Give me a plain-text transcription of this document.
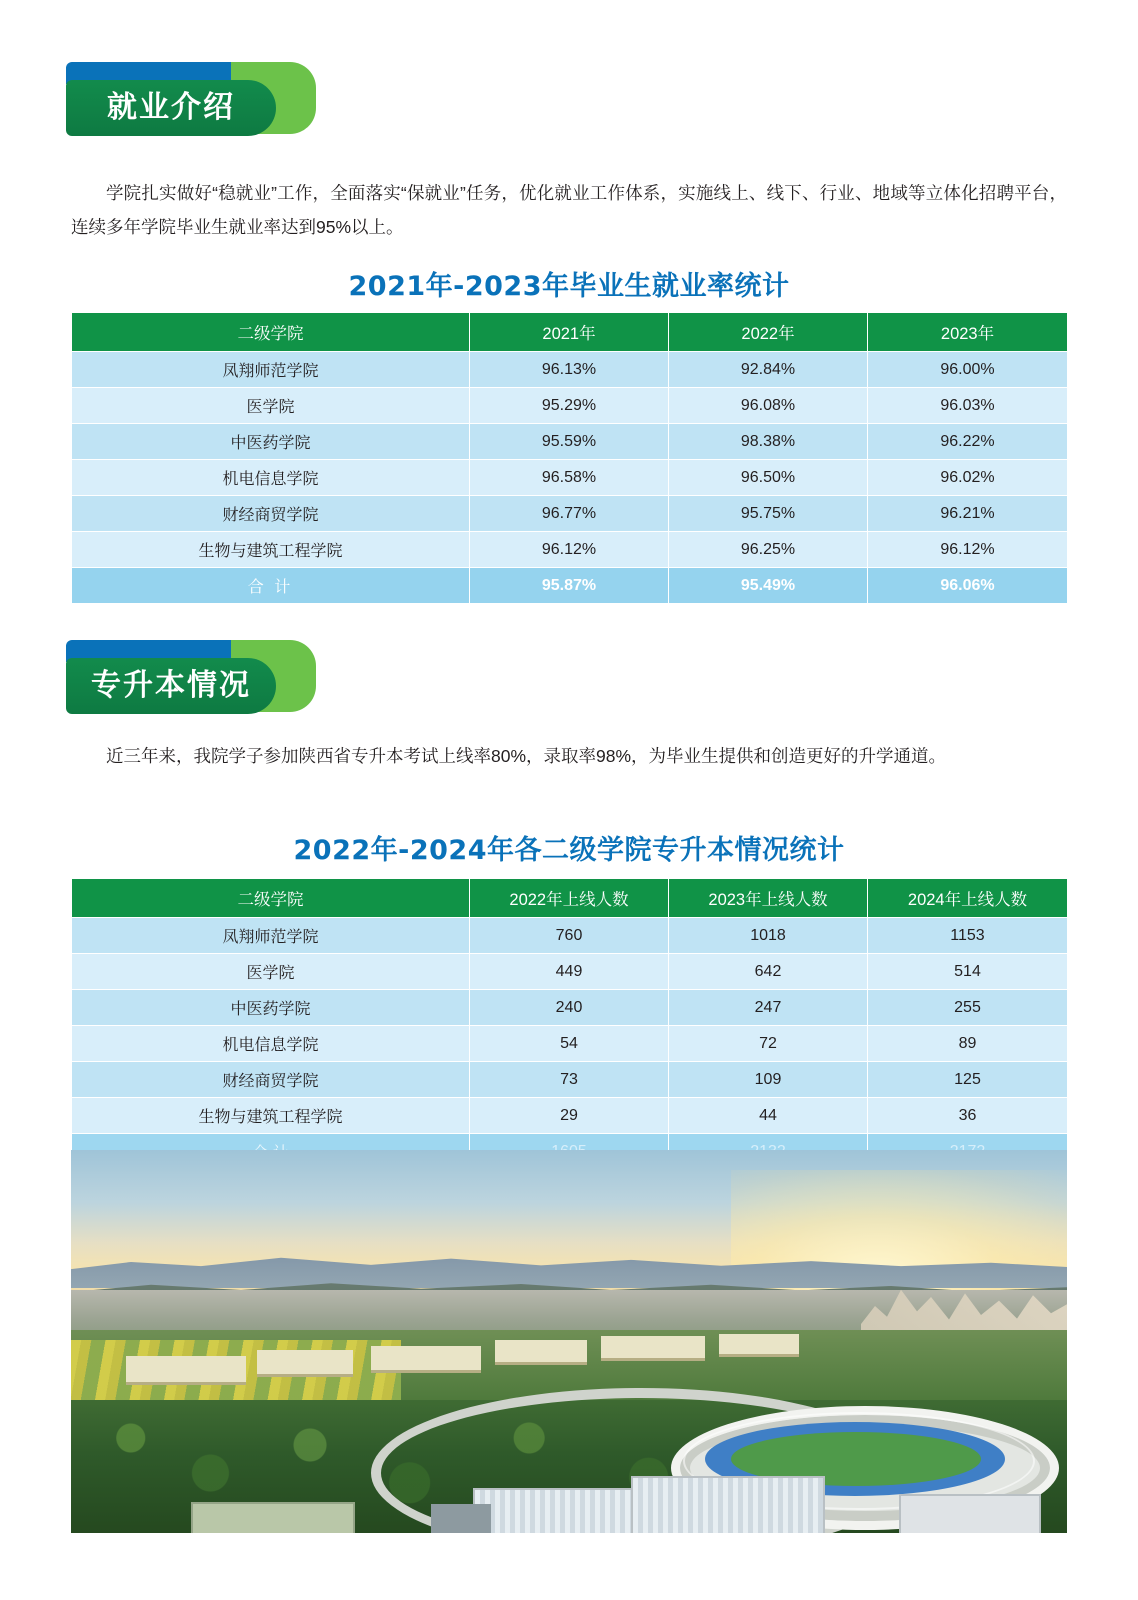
就业介绍
学院扎实做好“稳就业”工作，全面落实“保就业”任务，优化就业工作体系，实施线上、线下、行业、地域等立体化招聘平台，连续多年学院毕业生就业率达到95%以上。
2021年-2023年毕业生就业率统计
二级学院	2021年	2022年	2023年
凤翔师范学院	96.13%	92.84%	96.00%
医学院	95.29%	96.08%	96.03%
中医药学院	95.59%	98.38%	96.22%
机电信息学院	96.58%	96.50%	96.02%
财经商贸学院	96.77%	95.75%	96.21%
生物与建筑工程学院	96.12%	96.25%	96.12%
合 计	95.87%	95.49%	96.06%
专升本情况
近三年来，我院学子参加陕西省专升本考试上线率80%，录取率98%，为毕业生提供和创造更好的升学通道。
2022年-2024年各二级学院专升本情况统计
二级学院	2022年上线人数	2023年上线人数	2024年上线人数
凤翔师范学院	760	1018	1153
医学院	449	642	514
中医药学院	240	247	255
机电信息学院	54	72	89
财经商贸学院	73	109	125
生物与建筑工程学院	29	44	36
